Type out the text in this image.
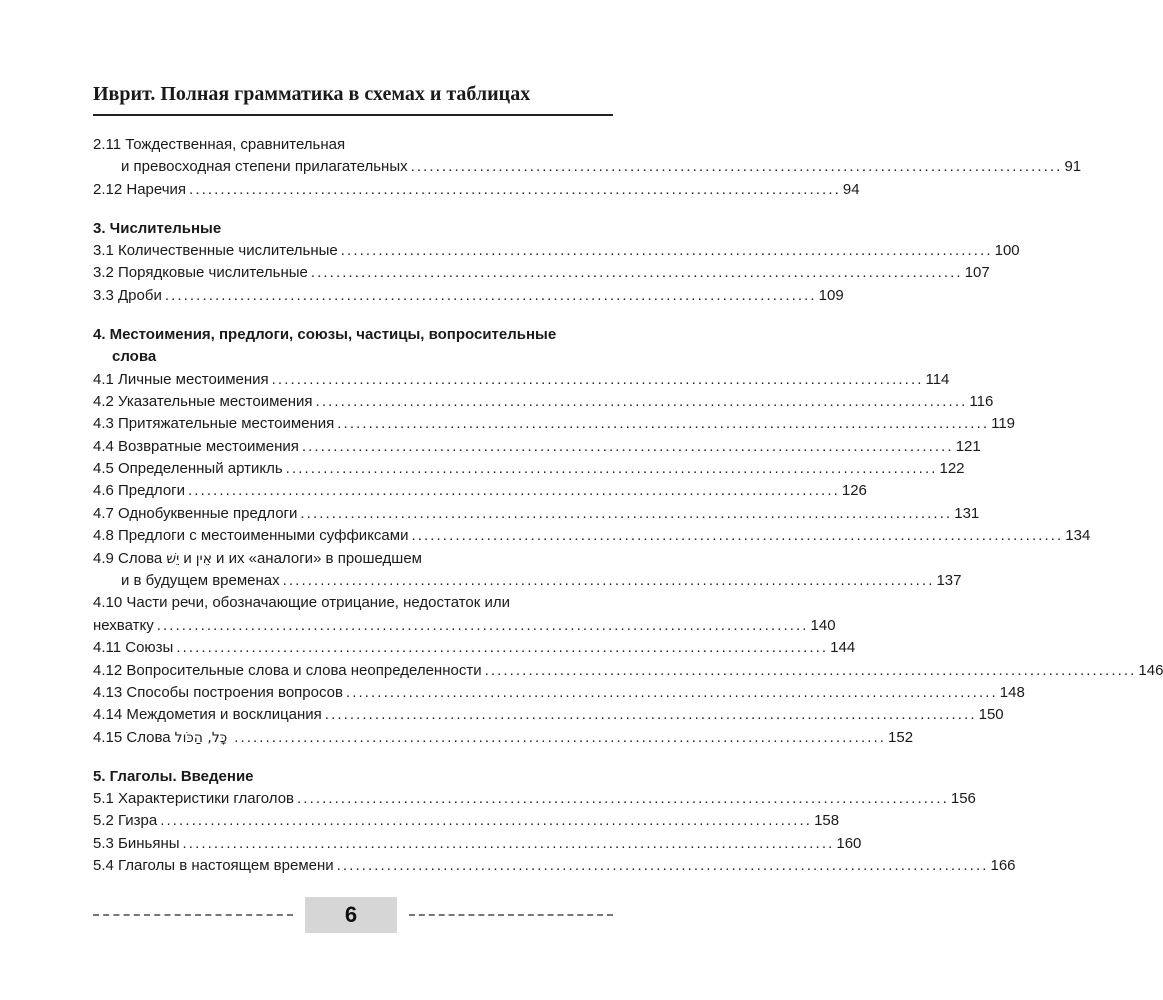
Иврит. Полная грамматика в схемах и таблицах
2.11 Тождественная, сравнительная
и превосходная степени прилагательных ........................................................................................................ 91
2.12 Наречия ........................................................................................................ 94
3. Числительные
3.1 Количественные числительные ........................................................................................................ 100
3.2 Порядковые числительные ........................................................................................................ 107
3.3 Дроби ........................................................................................................ 109
4. Местоимения, предлоги, союзы, частицы, вопросительные
слова
4.1 Личные местоимения ........................................................................................................ 114
4.2 Указательные местоимения ........................................................................................................ 116
4.3 Притяжательные местоимения ........................................................................................................ 119
4.4 Возвратные местоимения ........................................................................................................ 121
4.5 Определенный артикль ........................................................................................................ 122
4.6 Предлоги ........................................................................................................ 126
4.7 Однобуквенные предлоги ........................................................................................................ 131
4.8 Предлоги с местоименными суффиксами ........................................................................................................ 134
4.9 Слова יֵשׁ и אֵין и их «аналоги» в прошедшем
и в будущем временах ........................................................................................................ 137
4.10 Части речи, обозначающие отрицание, недостаток или
нехватку ........................................................................................................ 140
4.11 Союзы ........................................................................................................ 144
4.12 Вопросительные слова и слова неопределенности ........................................................................................................ 146
4.13 Способы построения вопросов ........................................................................................................ 148
4.14 Междометия и восклицания ........................................................................................................ 150
4.15 Слова כָּל, הַכֹּול ........................................................................................................ 152
5. Глаголы. Введение
5.1 Характеристики глаголов ........................................................................................................ 156
5.2 Гизра ........................................................................................................ 158
5.3 Биньяны ........................................................................................................ 160
5.4 Глаголы в настоящем времени ........................................................................................................ 166
6
